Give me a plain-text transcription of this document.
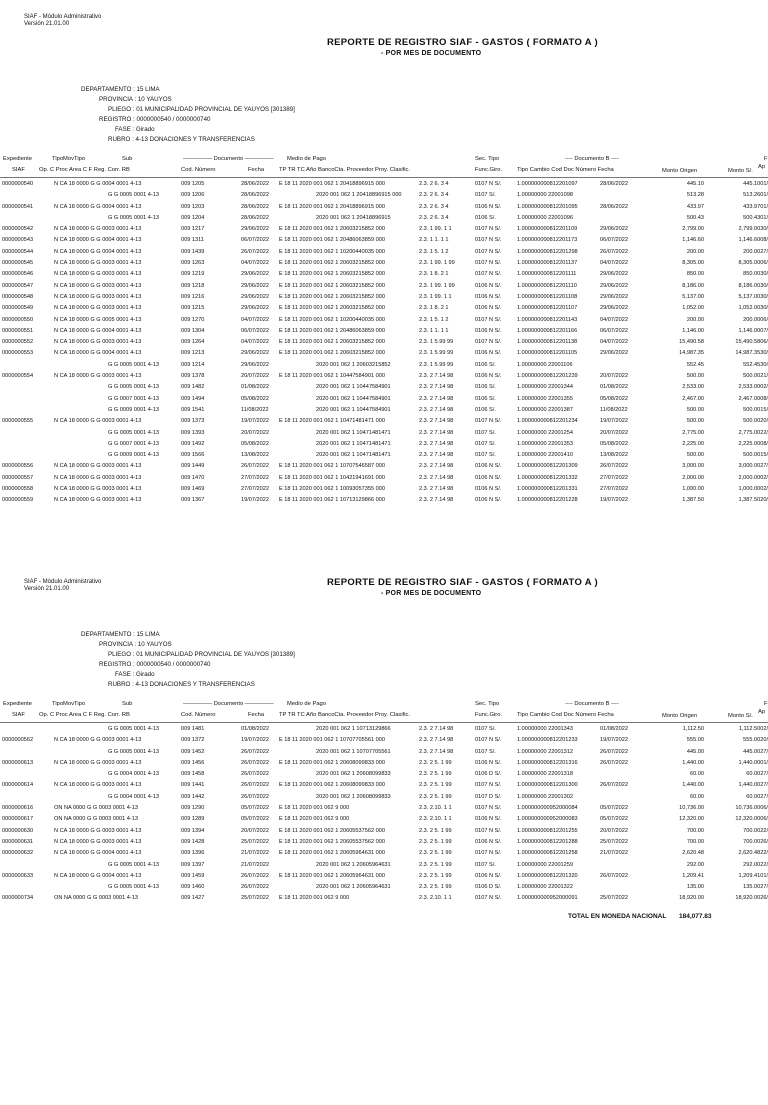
SIAF - Módulo Administrativo
Versión 21.01.00
REPORTE DE REGISTRO SIAF - GASTOS ( FORMATO A )
- POR MES DE DOCUMENTO
DEPARTAMENTO : 15 LIMA
PROVINCIA : 10 YAUYOS
PLIEGO : 01 MUNICIPALIDAD PROVINCIAL DE YAUYOS [301389]
REGISTRO : 0000000540 / 0000000740
FASE : Girado
RUBRO : 4-13 DONACIONES Y TRANSFERENCIAS
Expediente
SIAF
TipoMovTipo
Op. C Proc Area C F Reg. Corr. RB
Sub	————— Documento —————
Cod. Número	Fecha
Medio de Pago
TP TR TC Año BancoCta. Proveedor Proy. Clasific.
Sec. Tipo
Func.Giro.
---- Documento B ----
Tipo Cambio Cod Doc Número Fecha	Monto Origen	Monto S/.
F
Ap
0000000540	N CA 18 0000 G G 0004 0001 4-13	009 1205	28/06/2022 E 18 11 2020 001 062 1 20418896915 000	2.3. 2 6. 3 4	0107 N S/.	1.000000000812201097	28/06/2022	445.10	445.1001/
G G 0005 0001 4-13	009 1206	28/06/2022	2020 001 062 1 20418896915 000	2.3. 2 6. 3 4	0107 S/.	1.00000000 22001098	513.28	513.2601/
0000000541	N CA 18 0000 G G 0004 0001 4-13	009 1203	28/06/2022 E 18 11 2020 001 062 1 20418896915 000	2.3. 2 6. 3 4	0106 N S/.	1.000000000812201095	28/06/2022	433.97	433.9701/
G G 0005 0001 4-13	009 1204	28/06/2022	2020 001 062 1 20418896915	2.3. 2 6. 3 4	0106 S/.	1.00000000 22001096	500.43	500.4301/
0000000542	N CA 18 0000 G G 0003 0001 4-13	009 1217	29/06/2022 E 18 11 2020 001 062 1 20603215852 000	2.3. 1 99. 1 1	0107 N S/.	1.000000000812201109	29/06/2022	2,799.00	2,799.0030/
0000000543	N CA 18 0000 G G 0004 0001 4-13	009 1311	06/07/2022 E 18 11 2020 001 062 1 20486063859 000	2.3. 1 1. 1 1	0107 N S/.	1.000000000812201173	06/07/2022	1,146.60	1,146.6008/
0000000544	N CA 18 0000 G G 0004 0001 4-13	009 1439	26/07/2022 E 18 11 2020 001 062 1 10200440035 000	2.3. 1 5. 1 2	0107 N S/.	1.000000000812201298	26/07/2022	200.00	200.0027/
0000000545	N CA 18 0000 G G 0003 0001 4-13	009 1263	04/07/2022 E 18 11 2020 001 062 1 20603215852 000	2.3. 1 99. 1 99	0107 N S/.	1.000000000812201137	04/07/2022	8,305.00	8,305.0006/
0000000546	N CA 18 0000 G G 0003 0001 4-13	009 1219	29/06/2022 E 18 11 2020 001 062 1 20603215852 000	2.3. 1 8. 2 1	0107 N S/.	1.000000000812201111	29/06/2022	850.00	850.0030/
0000000547	N CA 18 0000 G G 0003 0001 4-13	009 1218	29/06/2022 E 18 11 2020 001 062 1 20603215852 000	2.3. 1 99. 1 99	0106 N S/.	1.000000000812201110	29/06/2022	8,186.00	8,186.0030/
0000000548	N CA 18 0000 G G 0003 0001 4-13	009 1216	29/06/2022 E 18 11 2020 001 062 1 20603215852 000	2.3. 1 99. 1 1	0106 N S/.	1.000000000812201108	29/06/2022	5,137.00	5,137.0030/
0000000549	N CA 18 0000 G G 0003 0001 4-13	009 1215	29/06/2022 E 18 11 2020 001 062 1 20603215852 000	2.3. 1 8. 2 1	0106 N S/.	1.000000000812201107	29/06/2022	1,052.00	1,052.0030/
0000000550	N CA 18 0000 G G 0005 0001 4-13	009 1270	04/07/2022 E 18 11 2020 001 062 1 10200440035 000	2.3. 1 5. 1 2	0107 N S/.	1.000000000812201143	04/07/2022	200.00	200.0006/
0000000551	N CA 18 0000 G G 0004 0001 4-13	009 1304	06/07/2022 E 18 11 2020 001 062 1 20486063859 000	2.3. 1 1. 1 1	0106 N S/.	1.000000000812201166	06/07/2022	1,146.00	1,146.0007/
0000000552	N CA 18 0000 G G 0003 0001 4-13	009 1264	04/07/2022 E 18 11 2020 001 062 1 20603215852 000	2.3. 1 5.99 99	0107 N S/.	1.000000000812201138	04/07/2022	15,490.58	15,490.5806/
0000000553	N CA 18 0000 G G 0004 0001 4-13	009 1213	29/06/2022 E 18 11 2020 001 062 1 20603215852 000	2.3. 1 5.99 99	0106 N S/.	1.000000000812201105	29/06/2022	14,987.35	14,987.3530/
G G 0005 0001 4-13	009 1214	29/06/2022	2020 001 062 1 20603215852	2.3. 1 5.99 99	0106 S/.	1.00000000 22001106	552.45	552.4530/
0000000554	N CA 18 0000 G G 0003 0001 4-13	009 1378	20/07/2022 E 18 11 2020 001 062 1 10447584901 000	2.3. 2 7.14 98	0106 N S/.	1.000000000812201239	20/07/2022	500.00	500.0021/
G G 0005 0001 4-13	009 1482	01/08/2022	2020 001 062 1 10447584901	2.3. 2 7.14 98	0106 S/.	1.00000000 22001344	01/08/2022	2,533.00	2,533.0002/
G G 0007 0001 4-13	009 1494	05/08/2022	2020 001 062 1 10447584901	2.3. 2 7.14 98	0106 S/.	1.00000000 22001355	05/08/2022	2,467.00	2,467.0008/
G G 0009 0001 4-13	009 1541	11/08/2022	2020 001 062 1 10447584901	2.3. 2 7.14 98	0106 S/.	1.00000000 22001387	11/08/2022	500.00	500.0015/
0000000555	N CA 18 0000 G G 0003 0001 4-13	009 1373	19/07/2022 E 18 11 2020 001 062 1 10471481471 000	2.3. 2 7.14 98	0107 N S/.	1.000000000812201234	19/07/2022	500.00	500.0020/
G G 0005 0001 4-13	009 1393	20/07/2022	2020 001 062 1 10471481471	2.3. 2 7.14 98	0107 S/.	1.00000000 22001254	20/07/2022	2,775.00	2,775.0022/
G G 0007 0001 4-13	009 1492	05/08/2022	2020 001 062 1 10471481471	2.3. 2 7.14 98	0107 S/.	1.00000000 22001353	05/08/2022	2,225.00	2,225.0008/
G G 0009 0001 4-13	009 1566	13/08/2022	2020 001 062 1 10471481471	2.3. 2 7.14 98	0107 S/.	1.00000000 22001410	13/08/2022	500.00	500.0015/
0000000556	N CA 18 0000 G G 0003 0001 4-13	009 1449	26/07/2022 E 18 11 2020 001 062 1 10707546587 000	2.3. 2 7.14 98	0106 N S/.	1.000000000812201309	26/07/2022	3,000.00	3,000.0027/
0000000557	N CA 18 0000 G G 0003 0001 4-13	009 1470	27/07/2022 E 18 11 2020 001 062 1 10421941691 000	2.3. 2 7.14 98	0106 N S/.	1.000000000812201332	27/07/2022	2,000.00	2,000.0002/
0000000558	N CA 18 0000 G G 0003 0001 4-13	009 1469	27/07/2022 E 18 11 2020 001 062 1 10093057355 000	2.3. 2 7.14 98	0106 N S/.	1.000000000812201331	27/07/2022	1,000.00	1,000.0002/
0000000559	N CA 18 0000 G G 0003 0001 4-13	009 1367	19/07/2022 E 18 11 2020 001 062 1 10713129866 000	2.3. 2 7.14 98	0106 N S/.	1.000000000812201228	19/07/2022	1,387.50	1,387.5020/
SIAF - Módulo Administrativo
Versión 21.01.00
REPORTE DE REGISTRO SIAF - GASTOS ( FORMATO A )
- POR MES DE DOCUMENTO
DEPARTAMENTO : 15 LIMA
PROVINCIA : 10 YAUYOS
PLIEGO : 01 MUNICIPALIDAD PROVINCIAL DE YAUYOS [301389]
REGISTRO : 0000000540 / 0000000740
FASE : Girado
RUBRO : 4-13 DONACIONES Y TRANSFERENCIAS
Expediente
SIAF
TipoMovTipo
Op. C Proc Area C F Reg. Corr. RB
Sub	————— Documento —————
Cod. Número	Fecha
Medio de Pago
TP TR TC Año BancoCta. Proveedor Proy. Clasific.
Sec. Tipo
Func.Giro.
---- Documento B ----
Tipo Cambio Cod Doc Número Fecha	Monto Origen	Monto S/.
F
Ap
G G 0005 0001 4-13	009 1481	01/08/2022	2020 001 062 1 10713129866	2.3. 2 7.14 98	0107 S/.	1.00000000 22001343	01/08/2022	1,112.50	1,112.5002/
0000000562	N CA 18 0000 G G 0003 0001 4-13	009 1372	19/07/2022 E 18 11 2020 001 062 1 10707705561 000	2.3. 2 7.14 98	0107 N S/.	1.000000000812201233	19/07/2022	555.00	555.0020/
G G 0005 0001 4-13	009 1452	26/07/2022	2020 001 062 1 10707705561	2.3. 2 7.14 98	0107 S/.	1.00000000 22001312	26/07/2022	445.00	445.0027/
0000000613	N CA 18 0000 G G 0003 0001 4-13	009 1456	26/07/2022 E 18 11 2020 001 062 1 20608099833 000	2.3. 2 5. 1 99	0106 N S/.	1.000000000812201316	26/07/2022	1,440.00	1,440.0001/
G G 0004 0001 4-13	009 1458	26/07/2022	2020 001 062 1 20608099833	2.3. 2 5. 1 99	0106 D S/.	1.00000000 22001318	60.00	60.0027/
0000000614	N CA 18 0000 G G 0003 0001 4-13	009 1441	26/07/2022 E 18 11 2020 001 062 1 20608099833 000	2.3. 2 5. 1 99	0107 N S/.	1.000000000812201300	26/07/2022	1,440.00	1,440.0027/
G G 0004 0001 4-13	009 1442	26/07/2022	2020 001 062 1 20608099833	2.3. 2 5. 1 99	0107 D S/.	1.00000000 22001302	60.00	60.0027/
0000000616	ON NA 0000 G G 0003 0001 4-13	009 1290	05/07/2022 E 18 11 2020 001 062 9 000	2.3. 2.10. 1 1	0107 N S/.	1.000000000952000084	05/07/2022	10,736.00	10,736.0006/
0000000617	ON NA 0000 G G 0003 0001 4-13	009 1289	05/07/2022 E 18 11 2020 001 062 9 000	2.3. 2.10. 1 1	0106 N S/.	1.000000000952000083	05/07/2022	12,320.00	12,320.0006/
0000000630	N CA 18 0000 G G 0003 0001 4-13	009 1394	20/07/2022 E 18 11 2020 001 062 1 20605537562 000	2.3. 2 5. 1 99	0107 N S/.	1.000000000812201255	20/07/2022	700.00	700.0022/
0000000631	N CA 18 0000 G G 0003 0001 4-13	009 1428	25/07/2022 E 18 11 2020 001 062 1 20605537562 000	2.3. 2 5. 1 99	0106 N S/.	1.000000000812201288	25/07/2022	700.00	700.0026/
0000000632	N CA 18 0000 G G 0004 0001 4-13	009 1396	21/07/2022 E 18 11 2020 001 062 1 20605964631 000	2.3. 2 5. 1 99	0107 N S/.	1.000000000812201258	21/07/2022	2,620.48	2,620.4822/
G G 0005 0001 4-13	009 1397	21/07/2022	2020 001 062 1 20605964631	2.3. 2 5. 1 99	0107 S/.	1.00000000 22001259	292.00	292.0022/
0000000633	N CA 18 0000 G G 0004 0001 4-13	009 1459	26/07/2022 E 18 11 2020 001 062 1 20605964631 000	2.3. 2 5. 1 99	0106 N S/.	1.000000000812201320	26/07/2022	1,209.41	1,209.4101/
G G 0005 0001 4-13	009 1460	26/07/2022	2020 001 062 1 20605964631	2.3. 2 5. 1 99	0106 D S/.	1.00000000 22001322	135.00	135.0027/
0000000734	ON NA 0000 G G 0003 0001 4-13	009 1427	25/07/2022 E 18 11 2020 001 062 9 000	2.3. 2.10. 1 1	0107 N S/.	1.000000000952000091	25/07/2022	18,920.00	18,920.0026/
TOTAL EN MONEDA NACIONAL 184,077.83
